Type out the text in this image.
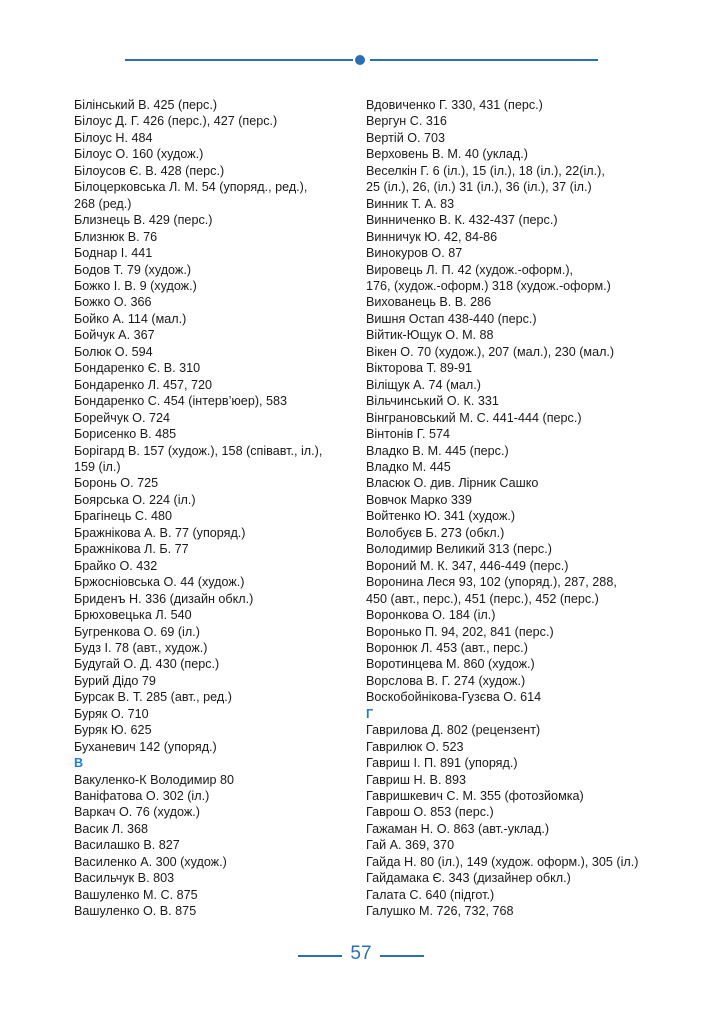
Білінський В. 425 (перс.)
Білоус Д. Г. 426 (перс.), 427 (перс.)
Білоус Н. 484
Білоус О. 160 (худож.)
Білоусов Є. В. 428 (перс.)
Білоцерковська Л. М. 54 (упоряд., ред.),
268 (ред.)
Близнець В. 429 (перс.)
Близнюк В. 76
Боднар І. 441
Бодов Т. 79 (худож.)
Божко І. В. 9 (худож.)
Божко О. 366
Бойко А. 114 (мал.)
Бойчук А. 367
Болюк О. 594
Бондаренко Є. В. 310
Бондаренко Л. 457, 720
Бондаренко С. 454 (інтерв’юер), 583
Борейчук О. 724
Борисенко В. 485
Борігард В. 157 (худож.), 158 (співавт., іл.),
159 (іл.)
Боронь О. 725
Боярська О. 224 (іл.)
Брагінець С. 480
Бражнікова А. В. 77 (упоряд.)
Бражнікова Л. Б. 77
Брайко О. 432
Бржосніовська О. 44 (худож.)
Бриденъ Н. 336 (дизайн обкл.)
Брюховецька Л. 540
Бугренкова О. 69 (іл.)
Будз І. 78 (авт., худож.)
Будугай О. Д. 430 (перс.)
Бурий Дідо 79
Бурсак В. Т. 285 (авт., ред.)
Буряк О. 710
Буряк Ю. 625
Буханевич 142 (упоряд.)
В
Вакуленко-К Володимир 80
Ваніфатова О. 302 (іл.)
Варкач О. 76 (худож.)
Васик Л. 368
Василашко В. 827
Василенко А. 300 (худож.)
Васильчук В. 803
Вашуленко М. С. 875
Вашуленко О. В. 875
Вдовиченко Г. 330, 431 (перс.)
Вергун С. 316
Вертій О. 703
Верховень В. М. 40 (уклад.)
Веселкін Г. 6 (іл.), 15 (іл.), 18 (іл.), 22(іл.),
25 (іл.), 26, (іл.) 31 (іл.), 36 (іл.), 37 (іл.)
Винник Т. А. 83
Винниченко В. К. 432-437 (перс.)
Винничук Ю. 42, 84-86
Винокуров О. 87
Вировець Л. П. 42 (худож.-оформ.),
176, (худож.-оформ.) 318 (худож.-оформ.)
Вихованець В. В. 286
Вишня Остап 438-440 (перс.)
Війтик-Ющук О. М. 88
Вікен О. 70 (худож.), 207 (мал.), 230 (мал.)
Вікторова Т. 89-91
Віліщук А. 74 (мал.)
Вільчинський О. К. 331
Вінграновський М. С. 441-444 (перс.)
Вінтонів Г. 574
Владко В. М. 445 (перс.)
Владко М. 445
Власюк О. див. Лірник Сашко
Вовчок Марко 339
Войтенко Ю. 341 (худож.)
Волобуєв Б. 273 (обкл.)
Володимир Великий 313 (перс.)
Вороний М. К. 347, 446-449 (перс.)
Воронина Леся 93, 102 (упоряд.), 287, 288,
450 (авт., перс.), 451 (перс.), 452 (перс.)
Воронкова О. 184 (іл.)
Воронько П. 94, 202, 841 (перс.)
Воронюк Л. 453 (авт., перс.)
Воротинцева М. 860 (худож.)
Ворслова В. Г. 274 (худож.)
Воскобойнікова-Гузєва О. 614
Г
Гаврилова Д. 802 (рецензент)
Гаврилюк О. 523
Гавриш І. П. 891 (упоряд.)
Гавриш Н. В. 893
Гавришкевич С. М. 355 (фотозйомка)
Гаврош О. 853 (перс.)
Гажаман Н. О. 863 (авт.-уклад.)
Гай А. 369, 370
Гайда Н. 80 (іл.), 149 (худож. оформ.), 305 (іл.)
Гайдамака Є. 343 (дизайнер обкл.)
Галата С. 640 (підгот.)
Галушко М. 726, 732, 768
57
